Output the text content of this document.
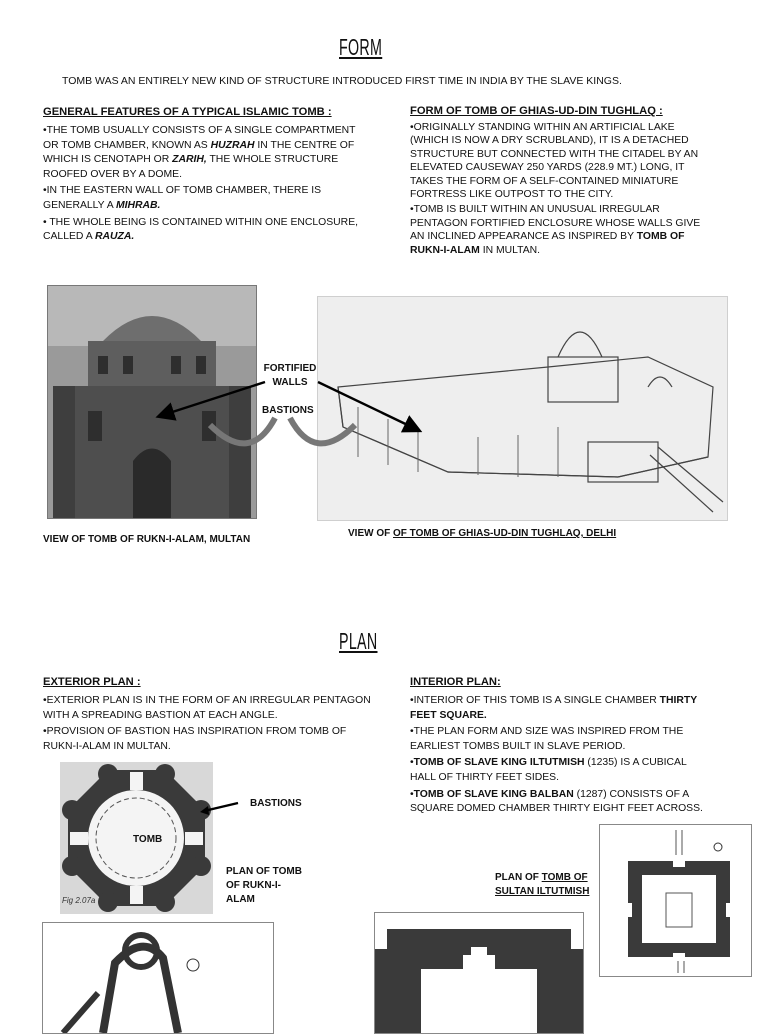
FORM
TOMB WAS AN ENTIRELY NEW KIND OF STRUCTURE INTRODUCED FIRST TIME IN INDIA BY THE SLAVE KINGS.
GENERAL FEATURES OF A TYPICAL ISLAMIC TOMB :
•THE TOMB USUALLY CONSISTS OF A SINGLE COMPARTMENT OR TOMB CHAMBER, KNOWN AS HUZRAH IN THE CENTRE OF WHICH IS CENOTAPH OR ZARIH, THE WHOLE STRUCTURE ROOFED OVER BY A DOME.
•IN THE EASTERN WALL OF TOMB CHAMBER, THERE IS GENERALLY A MIHRAB.
• THE WHOLE BEING IS CONTAINED WITHIN ONE ENCLOSURE, CALLED A RAUZA.
FORM OF TOMB OF GHIAS-UD-DIN TUGHLAQ :
•ORIGINALLY STANDING WITHIN AN ARTIFICIAL LAKE (WHICH IS NOW A DRY SCRUBLAND), IT IS A DETACHED STRUCTURE BUT CONNECTED WITH THE CITADEL BY AN ELEVATED CAUSEWAY 250 YARDS (228.9 MT.) LONG, IT TAKES THE FORM OF A SELF-CONTAINED MINIATURE FORTRESS LIKE OUTPOST TO THE CITY.
•TOMB IS BUILT WITHIN AN UNUSUAL IRREGULAR PENTAGON FORTIFIED ENCLOSURE WHOSE WALLS GIVE AN INCLINED APPEARANCE AS INSPIRED BY TOMB OF RUKN-I-ALAM IN MULTAN.
FORTIFIED WALLS
BASTIONS
VIEW OF TOMB OF RUKN-I-ALAM, MULTAN
VIEW OF OF TOMB OF GHIAS-UD-DIN TUGHLAQ, DELHI
PLAN
EXTERIOR PLAN :
•EXTERIOR PLAN IS IN THE FORM OF AN IRREGULAR PENTAGON WITH A SPREADING BASTION AT EACH ANGLE.
•PROVISION OF BASTION HAS INSPIRATION FROM TOMB OF RUKN-I-ALAM IN MULTAN.
INTERIOR PLAN:
•INTERIOR OF THIS TOMB IS A SINGLE CHAMBER THIRTY FEET SQUARE.
•THE PLAN FORM AND SIZE WAS INSPIRED FROM THE EARLIEST TOMBS BUILT IN SLAVE PERIOD.
•TOMB OF SLAVE KING ILTUTMISH (1235) IS A CUBICAL HALL OF THIRTY FEET SIDES.
•TOMB OF SLAVE KING BALBAN (1287) CONSISTS OF A SQUARE DOMED CHAMBER THIRTY EIGHT FEET ACROSS.
TOMB
Fig 2.07a
BASTIONS
PLAN OF TOMB OF RUKN-I-ALAM
PLAN OF TOMB OF SULTAN ILTUTMISH
